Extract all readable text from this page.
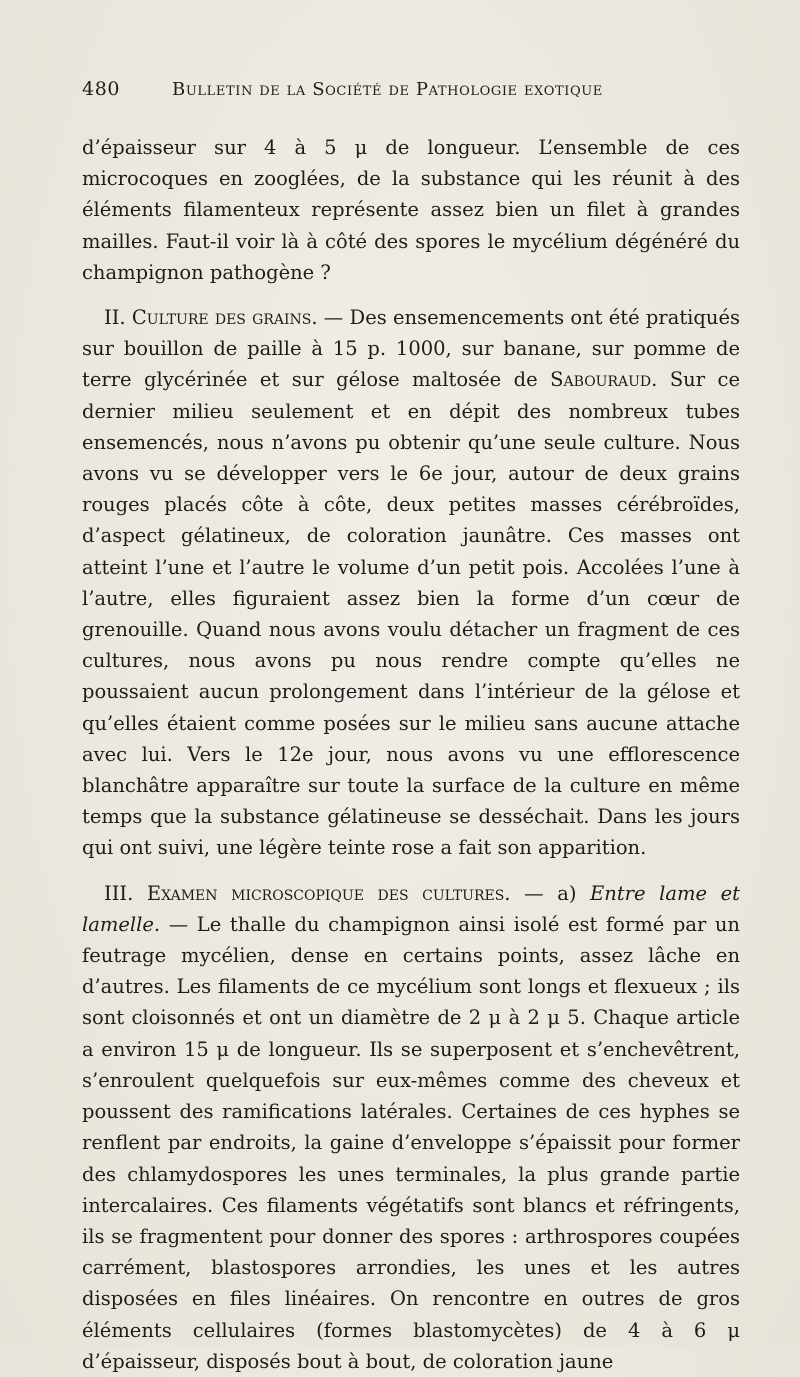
480	Bulletin de la Société de Pathologie exotique

d’épaisseur sur 4 à 5 μ de longueur. L’ensemble de ces microcoques en zooglées, de la substance qui les réunit à des éléments filamenteux représente assez bien un filet à grandes mailles. Faut-il voir là à côté des spores le mycélium dégénéré du champignon pathogène ?

II. Culture des grains. — Des ensemencements ont été pratiqués sur bouillon de paille à 15 p. 1000, sur banane, sur pomme de terre glycérinée et sur gélose maltosée de Sabouraud. Sur ce dernier milieu seulement et en dépit des nombreux tubes ensemencés, nous n’avons pu obtenir qu’une seule culture. Nous avons vu se développer vers le 6e jour, autour de deux grains rouges placés côte à côte, deux petites masses cérébroïdes, d’aspect gélatineux, de coloration jaunâtre. Ces masses ont atteint l’une et l’autre le volume d’un petit pois. Accolées l’une à l’autre, elles figuraient assez bien la forme d’un cœur de grenouille. Quand nous avons voulu détacher un fragment de ces cultures, nous avons pu nous rendre compte qu’elles ne poussaient aucun prolongement dans l’intérieur de la gélose et qu’elles étaient comme posées sur le milieu sans aucune attache avec lui. Vers le 12e jour, nous avons vu une efflorescence blanchâtre apparaître sur toute la surface de la culture en même temps que la substance gélatineuse se desséchait. Dans les jours qui ont suivi, une légère teinte rose a fait son apparition.

III. Examen microscopique des cultures. — a) Entre lame et lamelle. — Le thalle du champignon ainsi isolé est formé par un feutrage mycélien, dense en certains points, assez lâche en d’autres. Les filaments de ce mycélium sont longs et flexueux ; ils sont cloisonnés et ont un diamètre de 2 μ à 2 μ 5. Chaque article a environ 15 μ de longueur. Ils se superposent et s’enchevêtrent, s’enroulent quelquefois sur eux-mêmes comme des cheveux et poussent des ramifications latérales. Certaines de ces hyphes se renflent par endroits, la gaine d’enveloppe s’épaissit pour former des chlamydospores les unes terminales, la plus grande partie intercalaires. Ces filaments végétatifs sont blancs et réfringents, ils se fragmentent pour donner des spores : arthrospores coupées carrément, blastospores arrondies, les unes et les autres disposées en files linéaires. On rencontre en outres de gros éléments cellulaires (formes blastomycètes) de 4 à 6 μ d’épaisseur, disposés bout à bout, de coloration jaune
